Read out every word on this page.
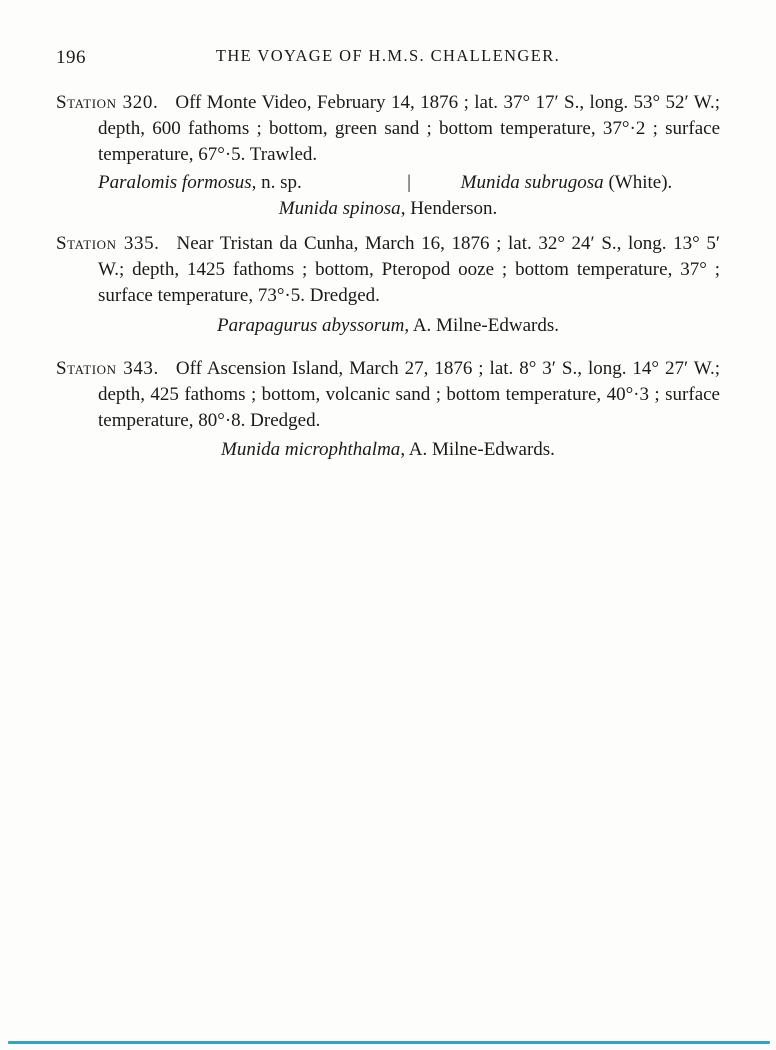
196	THE VOYAGE OF H.M.S. CHALLENGER.

Station 320. Off Monte Video, February 14, 1876 ; lat. 37° 17′ S., long. 53° 52′ W.; depth, 600 fathoms ; bottom, green sand ; bottom temperature, 37°·2 ; surface temperature, 67°·5. Trawled.

Paralomis formosus, n. sp.	|	Munida subrugosa (White).
Munida spinosa, Henderson.

Station 335. Near Tristan da Cunha, March 16, 1876 ; lat. 32° 24′ S., long. 13° 5′ W.; depth, 1425 fathoms ; bottom, Pteropod ooze ; bottom temperature, 37° ; surface temperature, 73°·5. Dredged.

Parapagurus abyssorum, A. Milne-Edwards.

Station 343. Off Ascension Island, March 27, 1876 ; lat. 8° 3′ S., long. 14° 27′ W.; depth, 425 fathoms ; bottom, volcanic sand ; bottom temperature, 40°·3 ; surface temperature, 80°·8. Dredged.

Munida microphthalma, A. Milne-Edwards.
